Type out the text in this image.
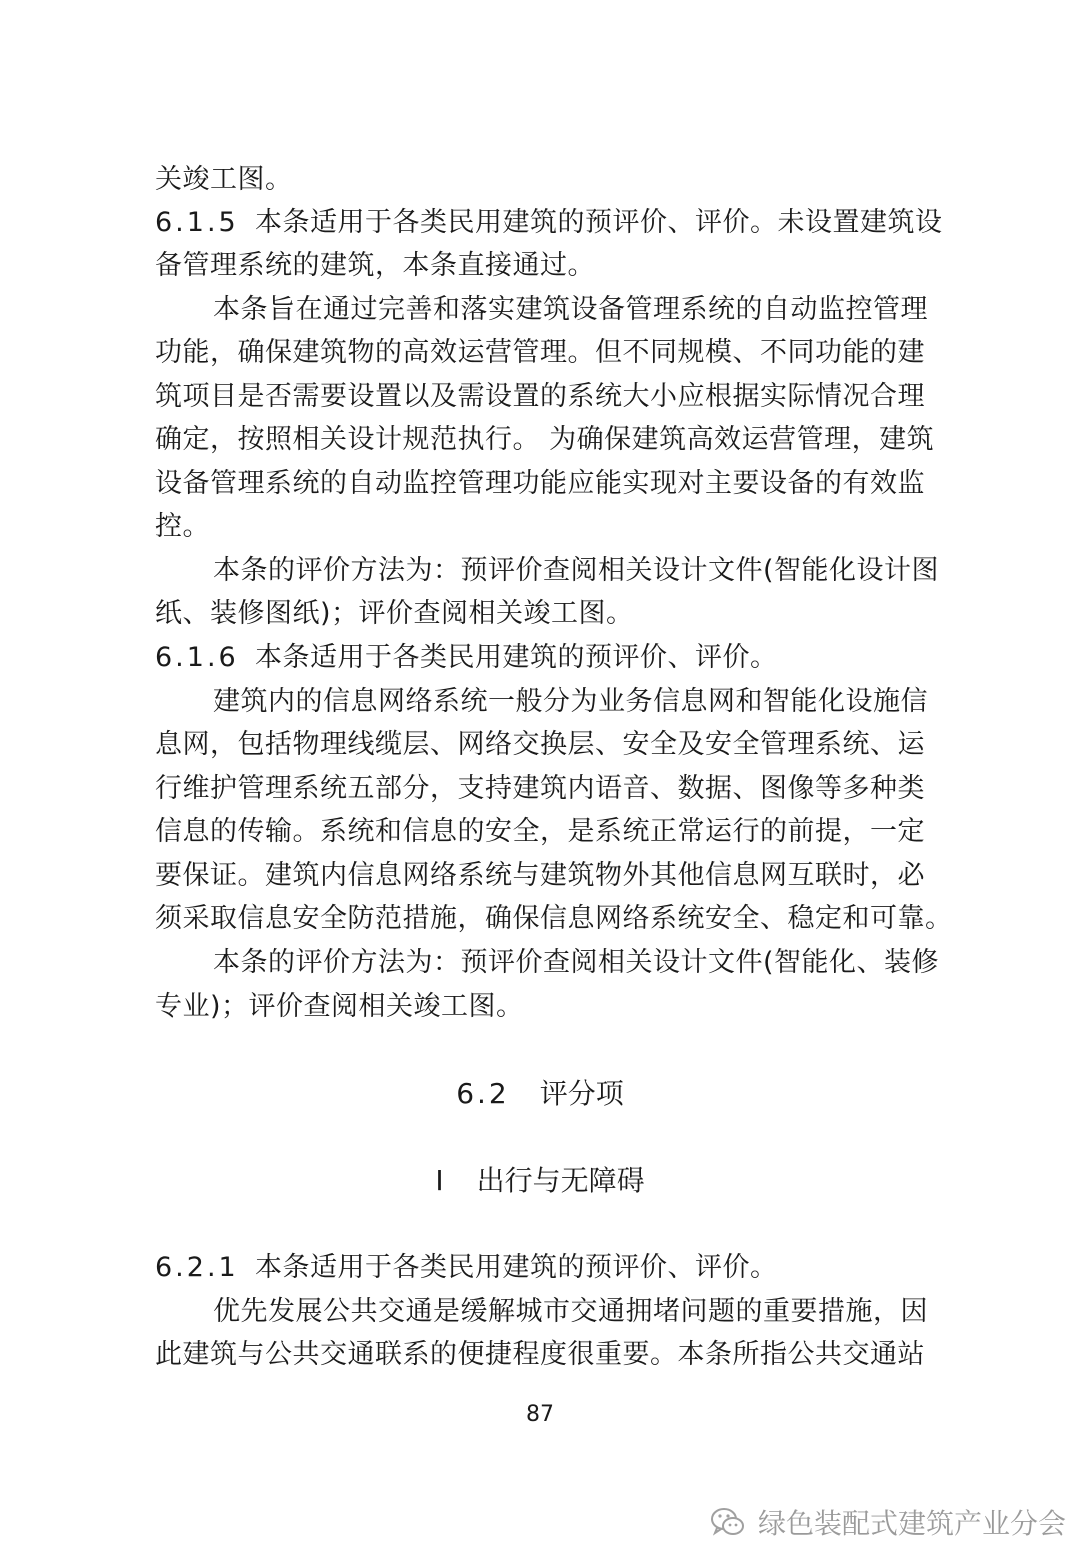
关竣工图。
6.1.5 本条适用于各类民用建筑的预评价、评价。未设置建筑设
备管理系统的建筑，本条直接通过。
本条旨在通过完善和落实建筑设备管理系统的自动监控管理
功能，确保建筑物的高效运营管理。但不同规模、不同功能的建
筑项目是否需要设置以及需设置的系统大小应根据实际情况合理
确定，按照相关设计规范执行。 为确保建筑高效运营管理，建筑
设备管理系统的自动监控管理功能应能实现对主要设备的有效监
控。
本条的评价方法为：预评价查阅相关设计文件(智能化设计图
纸、装修图纸)；评价查阅相关竣工图。
6.1.6 本条适用于各类民用建筑的预评价、评价。
建筑内的信息网络系统一般分为业务信息网和智能化设施信
息网，包括物理线缆层、网络交换层、安全及安全管理系统、运
行维护管理系统五部分，支持建筑内语音、数据、图像等多种类
信息的传输。系统和信息的安全，是系统正常运行的前提，一定
要保证。建筑内信息网络系统与建筑物外其他信息网互联时，必
须采取信息安全防范措施，确保信息网络系统安全、稳定和可靠。
本条的评价方法为：预评价查阅相关设计文件(智能化、装修
专业)；评价查阅相关竣工图。
6.2 评分项
I 出行与无障碍
6.2.1 本条适用于各类民用建筑的预评价、评价。
优先发展公共交通是缓解城市交通拥堵问题的重要措施，因
此建筑与公共交通联系的便捷程度很重要。本条所指公共交通站
87
绿色装配式建筑产业分会
